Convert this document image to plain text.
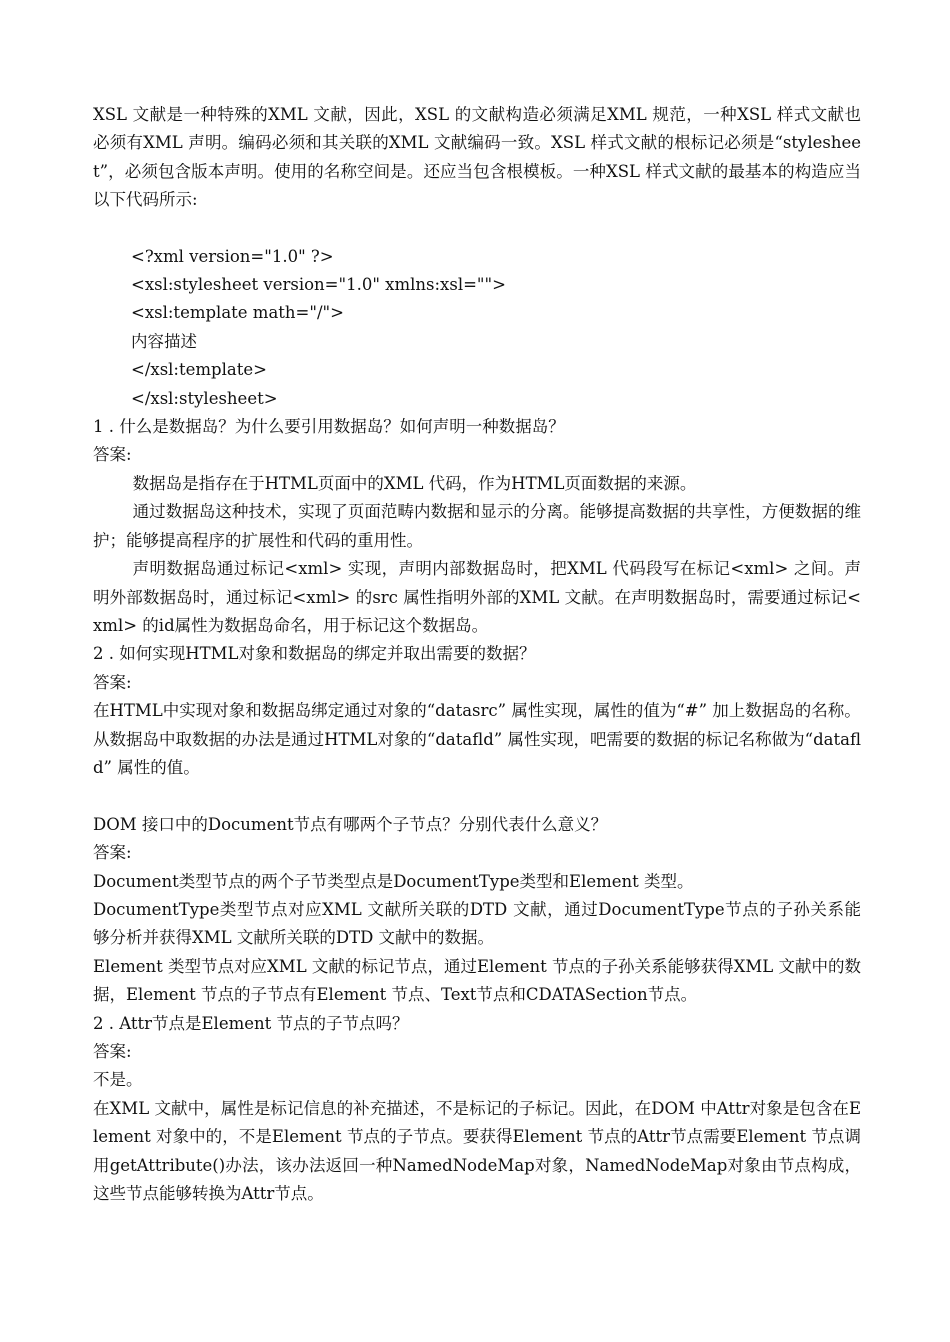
XSL 文献是一种特殊的XML 文献，因此，XSL 的文献构造必须满足XML 规范，一种XSL 样式文献也必须有XML 声明。编码必须和其关联的XML 文献编码一致。XSL 样式文献的根标记必须是“stylesheet”，必须包含版本声明。使用的名称空间是。还应当包含根模板。一种XSL 样式文献的最基本的构造应当以下代码所示:

<?xml version="1.0" ?>
<xsl:stylesheet version="1.0" xmlns:xsl="">
<xsl:template math="/">
内容描述
</xsl:template>
</xsl:stylesheet>

1 . 什么是数据岛？为什么要引用数据岛？如何声明一种数据岛？

答案:

数据岛是指存在于HTML页面中的XML 代码，作为HTML页面数据的来源。

通过数据岛这种技术，实现了页面范畴内数据和显示的分离。能够提高数据的共享性，方便数据的维护；能够提高程序的扩展性和代码的重用性。

声明数据岛通过标记<xml> 实现，声明内部数据岛时，把XML 代码段写在标记<xml> 之间。声明外部数据岛时，通过标记<xml> 的src 属性指明外部的XML 文献。在声明数据岛时，需要通过标记<xml> 的id属性为数据岛命名，用于标记这个数据岛。

2 . 如何实现HTML对象和数据岛的绑定并取出需要的数据？

答案:

在HTML中实现对象和数据岛绑定通过对象的“datasrc” 属性实现，属性的值为“#” 加上数据岛的名称。

从数据岛中取数据的办法是通过HTML对象的“datafld” 属性实现，吧需要的数据的标记名称做为“datafld” 属性的值。

DOM 接口中的Document节点有哪两个子节点？分别代表什么意义？

答案:

Document类型节点的两个子节类型点是DocumentType类型和Element 类型。

DocumentType类型节点对应XML 文献所关联的DTD 文献，通过DocumentType节点的子孙关系能够分析并获得XML 文献所关联的DTD 文献中的数据。

Element 类型节点对应XML 文献的标记节点，通过Element 节点的子孙关系能够获得XML 文献中的数据，Element 节点的子节点有Element 节点、Text节点和CDATASection节点。

2 . Attr节点是Element 节点的子节点吗？

答案:

不是。

在XML 文献中，属性是标记信息的补充描述，不是标记的子标记。因此，在DOM 中Attr对象是包含在Element 对象中的，不是Element 节点的子节点。要获得Element 节点的Attr节点需要Element 节点调用getAttribute()办法，该办法返回一种NamedNodeMap对象，NamedNodeMap对象由节点构成，这些节点能够转换为Attr节点。
